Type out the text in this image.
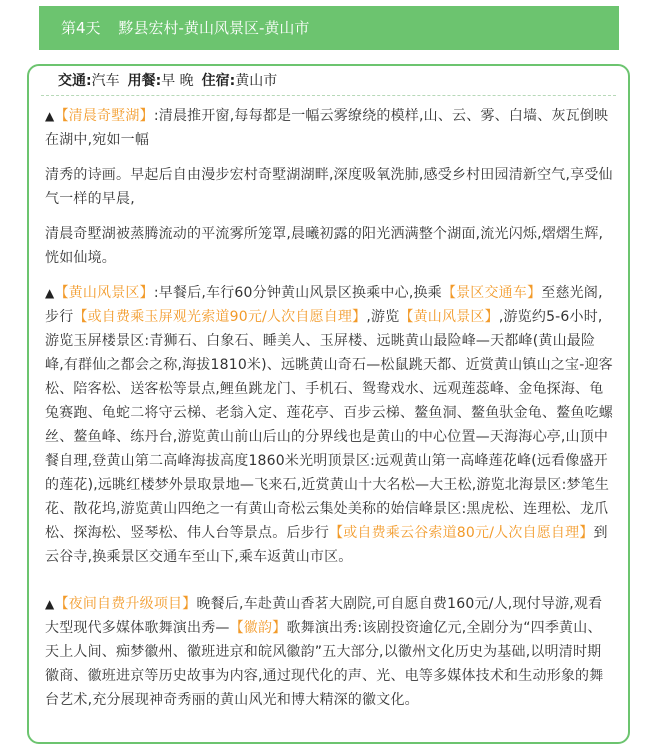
第4天 黟县宏村-黄山风景区-黄山市
交通:汽车 用餐:早 晚 住宿:黄山市
▲【清晨奇墅湖】:清晨推开窗,每每都是一幅云雾缭绕的模样,山、云、雾、白墙、灰瓦倒映在湖中,宛如一幅
清秀的诗画。早起后自由漫步宏村奇墅湖湖畔,深度吸氧洗肺,感受乡村田园清新空气,享受仙气一样的早晨,
清晨奇墅湖被蒸腾流动的平流雾所笼罩,晨曦初露的阳光洒满整个湖面,流光闪烁,熠熠生辉,恍如仙境。
▲【黄山风景区】:早餐后,车行60分钟黄山风景区换乘中心,换乘【景区交通车】至慈光阁,步行【或自费乘玉屏观光索道90元/人次自愿自理】,游览【黄山风景区】,游览约5-6小时,游览玉屏楼景区:青狮石、白象石、睡美人、玉屏楼、远眺黄山最险峰—天都峰(黄山最险峰,有群仙之都会之称,海拔1810米)、远眺黄山奇石—松鼠跳天都、近赏黄山镇山之宝-迎客松、陪客松、送客松等景点,鲤鱼跳龙门、手机石、鸳鸯戏水、远观莲蕊峰、金龟探海、龟兔赛跑、龟蛇二将守云梯、老翁入定、莲花亭、百步云梯、鳌鱼洞、鳌鱼驮金龟、鳌鱼吃螺丝、鳌鱼峰、练丹台,游览黄山前山后山的分界线也是黄山的中心位置—天海海心亭,山顶中餐自理,登黄山第二高峰海拔高度1860米光明顶景区:远观黄山第一高峰莲花峰(远看像盛开的莲花),远眺红楼梦外景取景地—飞来石,近赏黄山十大名松—大王松,游览北海景区:梦笔生花、散花坞,游览黄山四绝之一有黄山奇松云集处美称的始信峰景区:黑虎松、连理松、龙爪松、探海松、竖琴松、伟人台等景点。后步行【或自费乘云谷索道80元/人次自愿自理】到云谷寺,换乘景区交通车至山下,乘车返黄山市区。
▲【夜间自费升级项目】晚餐后,车赴黄山香茗大剧院,可自愿自费160元/人,现付导游,观看大型现代多媒体歌舞演出秀—【徽韵】歌舞演出秀:该剧投资逾亿元,全剧分为“四季黄山、天上人间、痴梦徽州、徽班进京和皖风徽韵”五大部分,以徽州文化历史为基础,以明清时期徽商、徽班进京等历史故事为内容,通过现代化的声、光、电等多媒体技术和生动形象的舞台艺术,充分展现神奇秀丽的黄山风光和博大精深的徽文化。
